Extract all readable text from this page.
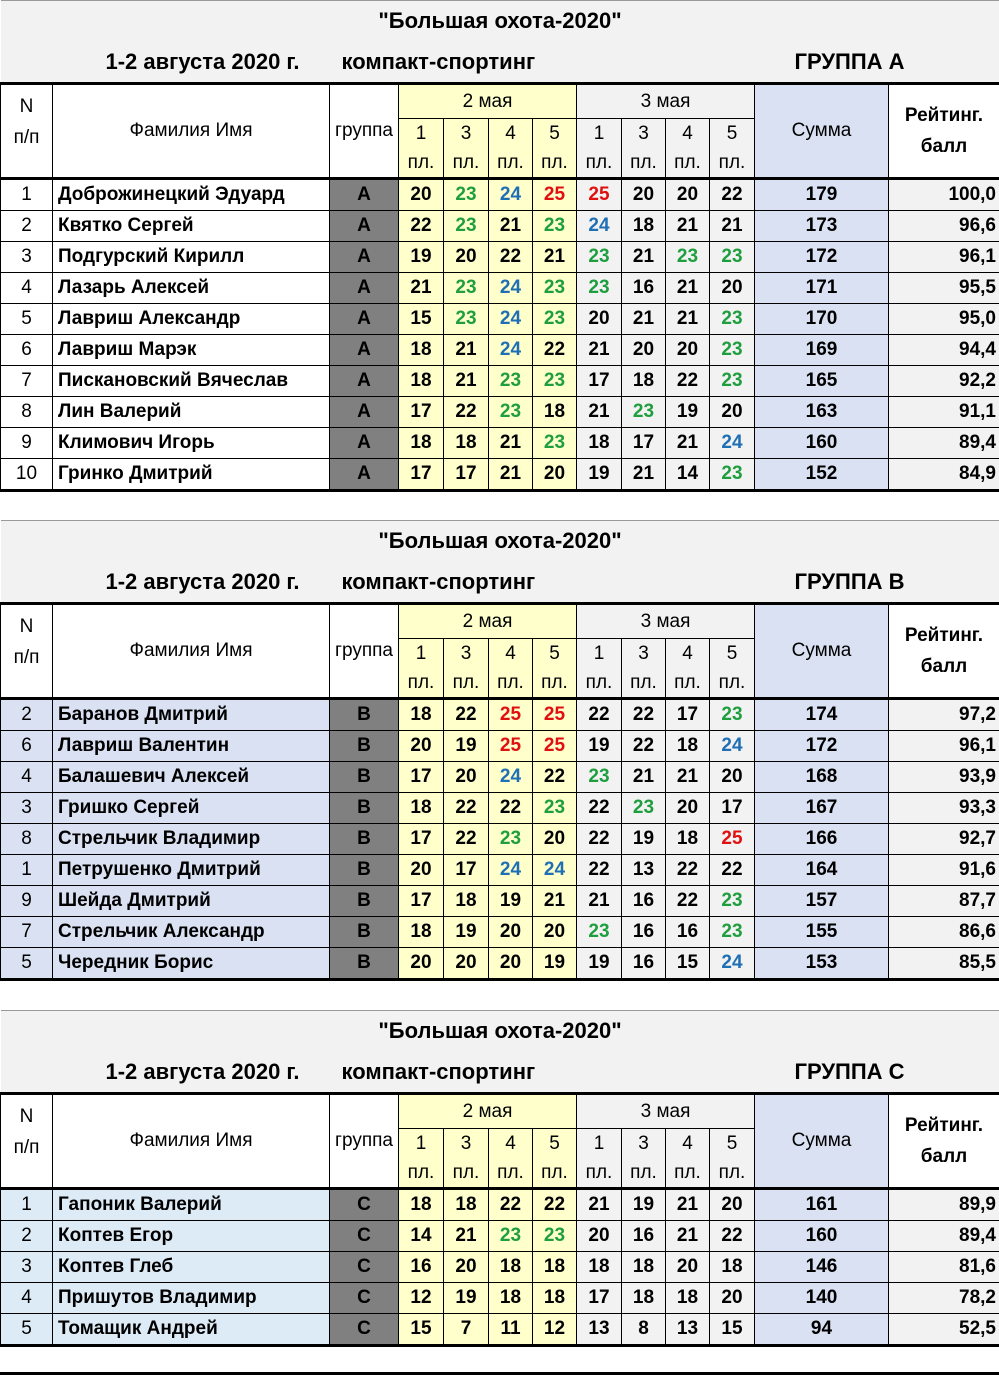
"Большая охота-2020"												
1-2 августа 2020 г.		компакт-спортинг									ГРУППА А	
N
п/п	Фамилия Имя	группа	2 мая				3 мая				Сумма	Рейтинг.
балл
			1	3	4	5	1	3	4	5		
			пл.	пл.	пл.	пл.	пл.	пл.	пл.	пл.		
1	Доброжинецкий Эдуард	A	20	23	24	25	25	20	20	22	179	100,0
2	Квятко Сергей	A	22	23	21	23	24	18	21	21	173	96,6
3	Подгурский Кирилл	A	19	20	22	21	23	21	23	23	172	96,1
4	Лазарь Алексей	A	21	23	24	23	23	16	21	20	171	95,5
5	Лавриш Александр	A	15	23	24	23	20	21	21	23	170	95,0
6	Лавриш Марэк	A	18	21	24	22	21	20	20	23	169	94,4
7	Пискановский Вячеслав	A	18	21	23	23	17	18	22	23	165	92,2
8	Лин Валерий	A	17	22	23	18	21	23	19	20	163	91,1
9	Климович Игорь	A	18	18	21	23	18	17	21	24	160	89,4
10	Гринко Дмитрий	A	17	17	21	20	19	21	14	23	152	84,9
"Большая охота-2020"												
1-2 августа 2020 г.		компакт-спортинг									ГРУППА В	
N
п/п	Фамилия Имя	группа	2 мая				3 мая				Сумма	Рейтинг.
балл
			1	3	4	5	1	3	4	5		
			пл.	пл.	пл.	пл.	пл.	пл.	пл.	пл.		
2	Баранов Дмитрий	B	18	22	25	25	22	22	17	23	174	97,2
6	Лавриш Валентин	B	20	19	25	25	19	22	18	24	172	96,1
4	Балашевич Алексей	B	17	20	24	22	23	21	21	20	168	93,9
3	Гришко Сергей	B	18	22	22	23	22	23	20	17	167	93,3
8	Стрельчик Владимир	B	17	22	23	20	22	19	18	25	166	92,7
1	Петрушенко Дмитрий	B	20	17	24	24	22	13	22	22	164	91,6
9	Шейда Дмитрий	B	17	18	19	21	21	16	22	23	157	87,7
7	Стрельчик Александр	B	18	19	20	20	23	16	16	23	155	86,6
5	Чередник Борис	B	20	20	20	19	19	16	15	24	153	85,5
"Большая охота-2020"												
1-2 августа 2020 г.		компакт-спортинг									ГРУППА С	
N
п/п	Фамилия Имя	группа	2 мая				3 мая				Сумма	Рейтинг.
балл
			1	3	4	5	1	3	4	5		
			пл.	пл.	пл.	пл.	пл.	пл.	пл.	пл.		
1	Гапоник Валерий	C	18	18	22	22	21	19	21	20	161	89,9
2	Коптев Егор	C	14	21	23	23	20	16	21	22	160	89,4
3	Коптев Глеб	C	16	20	18	18	18	18	20	18	146	81,6
4	Пришутов Владимир	C	12	19	18	18	17	18	18	20	140	78,2
5	Томащик Андрей	C	15	7	11	12	13	8	13	15	94	52,5
